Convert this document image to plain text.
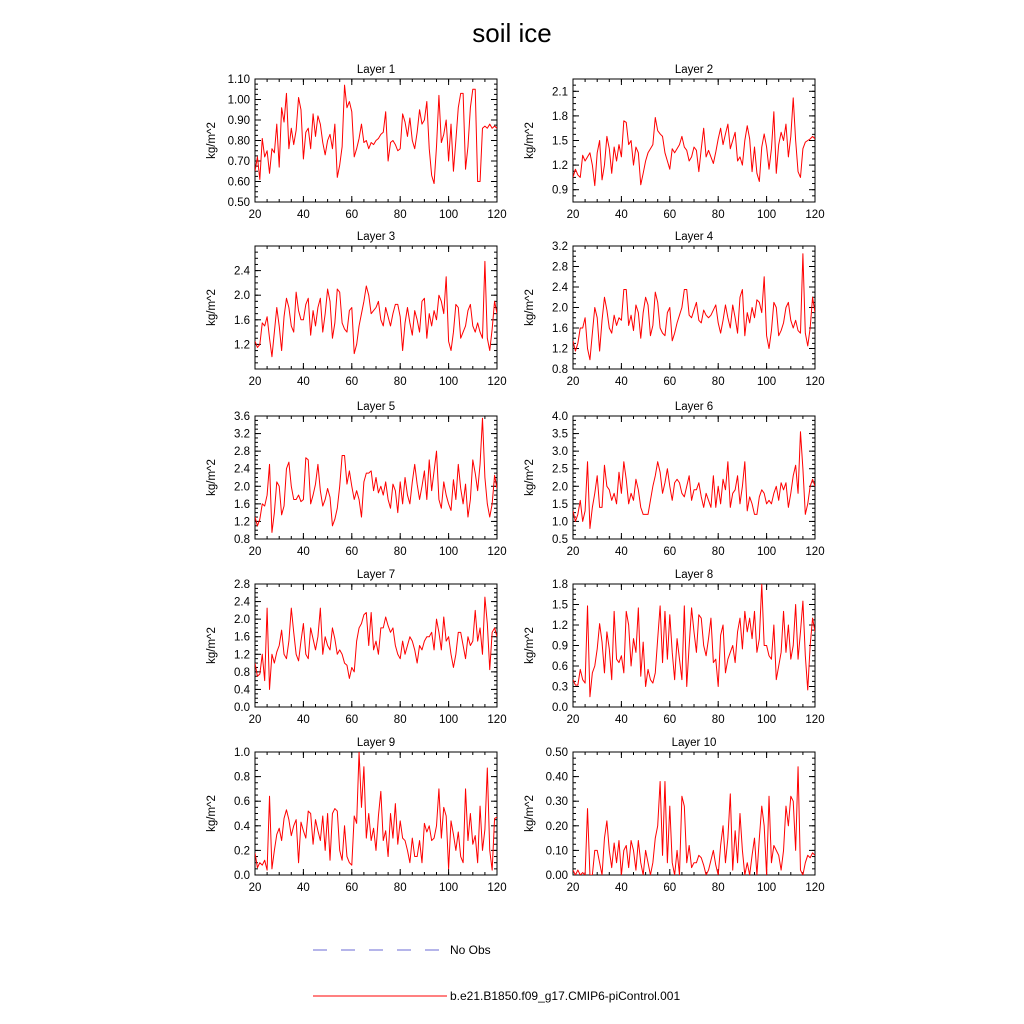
soil ice
Layer 1
20	40	60	80	100	120
0.50
0.60
0.70
0.80
0.90
1.00
1.10
kg/m^2
Layer 2
20	40	60	80	100	120
0.9
1.2
1.5
1.8
2.1
kg/m^2
Layer 3
20	40	60	80	100	120
1.2
1.6
2.0
2.4
kg/m^2
Layer 4
20	40	60	80	100	120
0.8
1.2
1.6
2.0
2.4
2.8
3.2
kg/m^2
Layer 5
20	40	60	80	100	120
0.8
1.2
1.6
2.0
2.4
2.8
3.2
3.6
kg/m^2
Layer 6
20	40	60	80	100	120
0.5
1.0
1.5
2.0
2.5
3.0
3.5
4.0
kg/m^2
Layer 7
20	40	60	80	100	120
0.0
0.4
0.8
1.2
1.6
2.0
2.4
2.8
kg/m^2
Layer 8
20	40	60	80	100	120
0.0
0.3
0.6
0.9
1.2
1.5
1.8
kg/m^2
Layer 9
20	40	60	80	100	120
0.0
0.2
0.4
0.6
0.8
1.0
kg/m^2
Layer 10
20	40	60	80	100	120
0.00
0.10
0.20
0.30
0.40
0.50
kg/m^2
No Obs
b.e21.B1850.f09_g17.CMIP6-piControl.001
